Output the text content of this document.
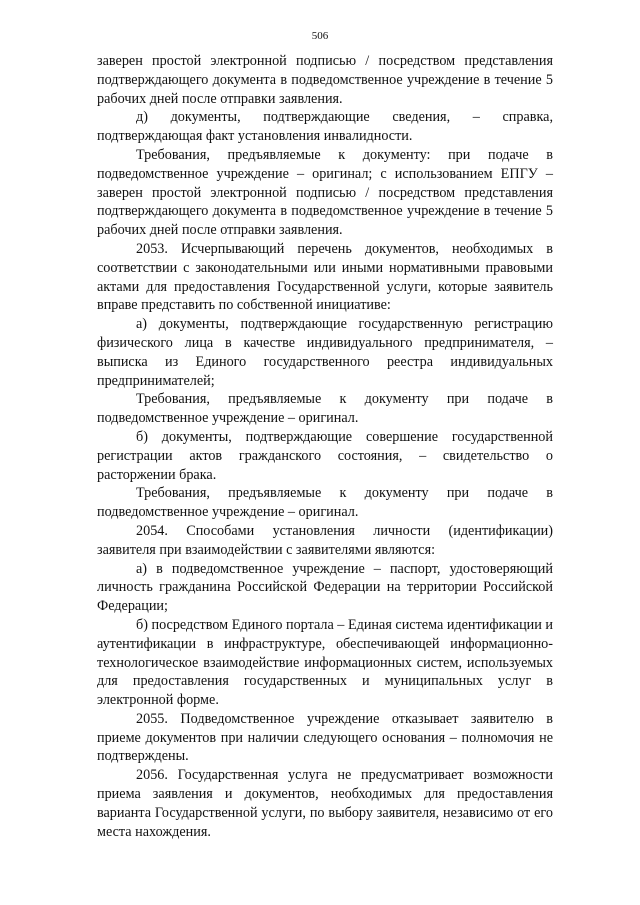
506

заверен простой электронной подписью / посредством представления подтверждающего документа в подведомственное учреждение в течение 5 рабочих дней после отправки заявления.

д) документы, подтверждающие сведения, – справка, подтверждающая факт установления инвалидности.

Требования, предъявляемые к документу: при подаче в подведомственное учреждение – оригинал; с использованием ЕПГУ – заверен простой электронной подписью / посредством представления подтверждающего документа в подведомственное учреждение в течение 5 рабочих дней после отправки заявления.

2053. Исчерпывающий перечень документов, необходимых в соответствии с законодательными или иными нормативными правовыми актами для предоставления Государственной услуги, которые заявитель вправе представить по собственной инициативе:

а) документы, подтверждающие государственную регистрацию физического лица в качестве индивидуального предпринимателя, – выписка из Единого государственного реестра индивидуальных предпринимателей;

Требования, предъявляемые к документу при подаче в подведомственное учреждение – оригинал.

б) документы, подтверждающие совершение государственной регистрации актов гражданского состояния, – свидетельство о расторжении брака.

Требования, предъявляемые к документу при подаче в подведомственное учреждение – оригинал.

2054. Способами установления личности (идентификации) заявителя при взаимодействии с заявителями являются:

а) в подведомственное учреждение – паспорт, удостоверяющий личность гражданина Российской Федерации на территории Российской Федерации;

б) посредством Единого портала – Единая система идентификации и аутентификации в инфраструктуре, обеспечивающей информационно-технологическое взаимодействие информационных систем, используемых для предоставления государственных и муниципальных услуг в электронной форме.

2055. Подведомственное учреждение отказывает заявителю в приеме документов при наличии следующего основания – полномочия не подтверждены.

2056. Государственная услуга не предусматривает возможности приема заявления и документов, необходимых для предоставления варианта Государственной услуги, по выбору заявителя, независимо от его места нахождения.
